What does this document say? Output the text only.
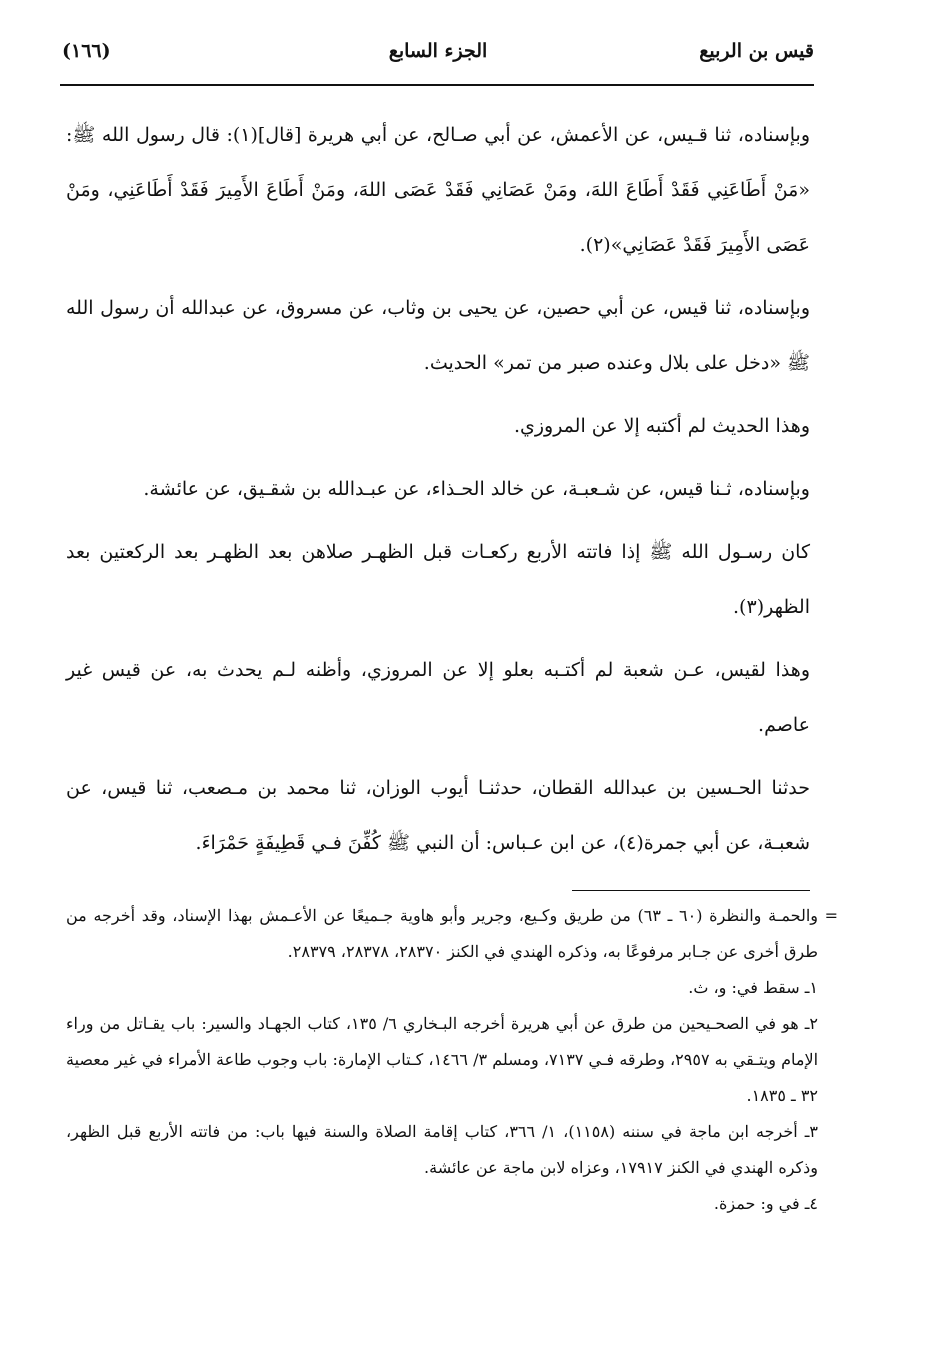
قيس بن الربيع
الجزء السابع
(١٦٦)

وبإسناده، ثنا قـيس، عن الأعمش، عن أبي صـالح، عن أبي هريرة [قال](١): قال رسول الله ﷺ: «مَنْ أَطَاعَنِي فَقَدْ أَطَاعَ اللهَ، ومَنْ عَصَانِي فَقَدْ عَصَى اللهَ، ومَنْ أَطَاعَ الأَمِيرَ فَقَدْ أَطَاعَنِي، ومَنْ عَصَى الأَمِيرَ فَقَدْ عَصَانِي»(٢).

وبإسناده، ثنا قيس، عن أبي حصين، عن يحيى بن وثاب، عن مسروق، عن عبدالله أن رسول الله ﷺ «دخل على بلال وعنده صبر من تمر» الحديث.

وهذا الحديث لم أكتبه إلا عن المروزي.

وبإسناده، ثـنا قيس، عن شـعبـة، عن خالد الحـذاء، عن عبـدالله بن شقـيق، عن عائشة.

كان رسـول الله ﷺ إذا فاتته الأربع ركعـات قبل الظهـر صلاهن بعد الظهـر بعد الركعتين بعد الظهر(٣).

وهذا لقيس، عـن شعبة لم أكتـبه بعلو إلا عن المروزي، وأظنه لـم يحدث به، عن قيس غير عاصم.

حدثنا الحـسين بن عبدالله القطان، حدثنـا أيوب الوزان، ثنا محمد بن مـصعب، ثنا قيس، عن شعبـة، عن أبي جمرة(٤)، عن ابن عـباس: أن النبي ﷺ كُفِّنَ فـي قَطِيفَةٍ حَمْرَاءَ.

=

والحمـة والنظرة (٦٠ ـ ٦٣) من طريق وكـيع، وجرير وأبو هاوية جـميعًا عن الأعـمش بهذا الإسناد، وقد أخرجه من طرق أخرى عن جـابر مرفوعًا به، وذكره الهندي في الكنز ٢٨٣٧٠، ٢٨٣٧٨، ٢٨٣٧٩.

١ـ سقط في: و، ث.

٢ـ هو في الصحـيحين من طرق عن أبي هريرة أخرجه البـخاري ٦/ ١٣٥، كتاب الجهـاد والسير: باب يقـاتل من وراء الإمام ويتـقي به ٢٩٥٧، وطرقه فـي ٧١٣٧، ومسلم ٣/ ١٤٦٦، كـتاب الإمارة: باب وجوب طاعة الأمراء في غير معصية ٣٢ ـ ١٨٣٥.

٣ـ أخرجه ابن ماجة في سننه (١١٥٨)، ١/ ٣٦٦، كتاب إقامة الصلاة والسنة فيها باب: من فاتته الأربع قبل الظهر، وذكره الهندي في الكنز ١٧٩١٧، وعزاه لابن ماجة عن عائشة.

٤ـ في و: حمزة.
